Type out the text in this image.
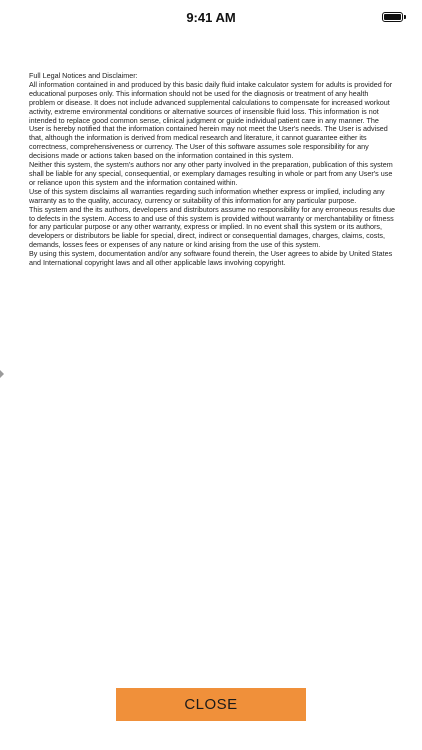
9:41 AM

Full Legal Notices and Disclaimer:

All information contained in and produced by this basic daily fluid intake calculator system for adults is provided for educational purposes only. This information should not be used for the diagnosis or treatment of any health problem or disease. It does not include advanced supplemental calculations to compensate for increased workout activity, extreme environmental conditions or alternative sources of insensible fluid loss. This information is not intended to replace good common sense, clinical judgment or guide individual patient care in any manner. The User is hereby notified that the information contained herein may not meet the User's needs. The User is advised that, although the information is derived from medical research and literature, it cannot guarantee either its correctness, comprehensiveness or currency. The User of this software assumes sole responsibility for any decisions made or actions taken based on the information contained in this system.

Neither this system, the system's authors nor any other party involved in the preparation, publication of this system shall be liable for any special, consequential, or exemplary damages resulting in whole or part from any User's use or reliance upon this system and the information contained within.

Use of this system disclaims all warranties regarding such information whether express or implied, including any warranty as to the quality, accuracy, currency or suitability of this information for any particular purpose.

This system and the its authors, developers and distributors assume no responsibility for any erroneous results due to defects in the system. Access to and use of this system is provided without warranty or merchantability or fitness for any particular purpose or any other warranty, express or implied. In no event shall this system or its authors, developers or distributors be liable for special, direct, indirect or consequential damages, charges, claims, costs, demands, losses fees or expenses of any nature or kind arising from the use of this system.

By using this system, documentation and/or any software found therein, the User agrees to abide by United States and International copyright laws and all other applicable laws involving copyright.

CLOSE
